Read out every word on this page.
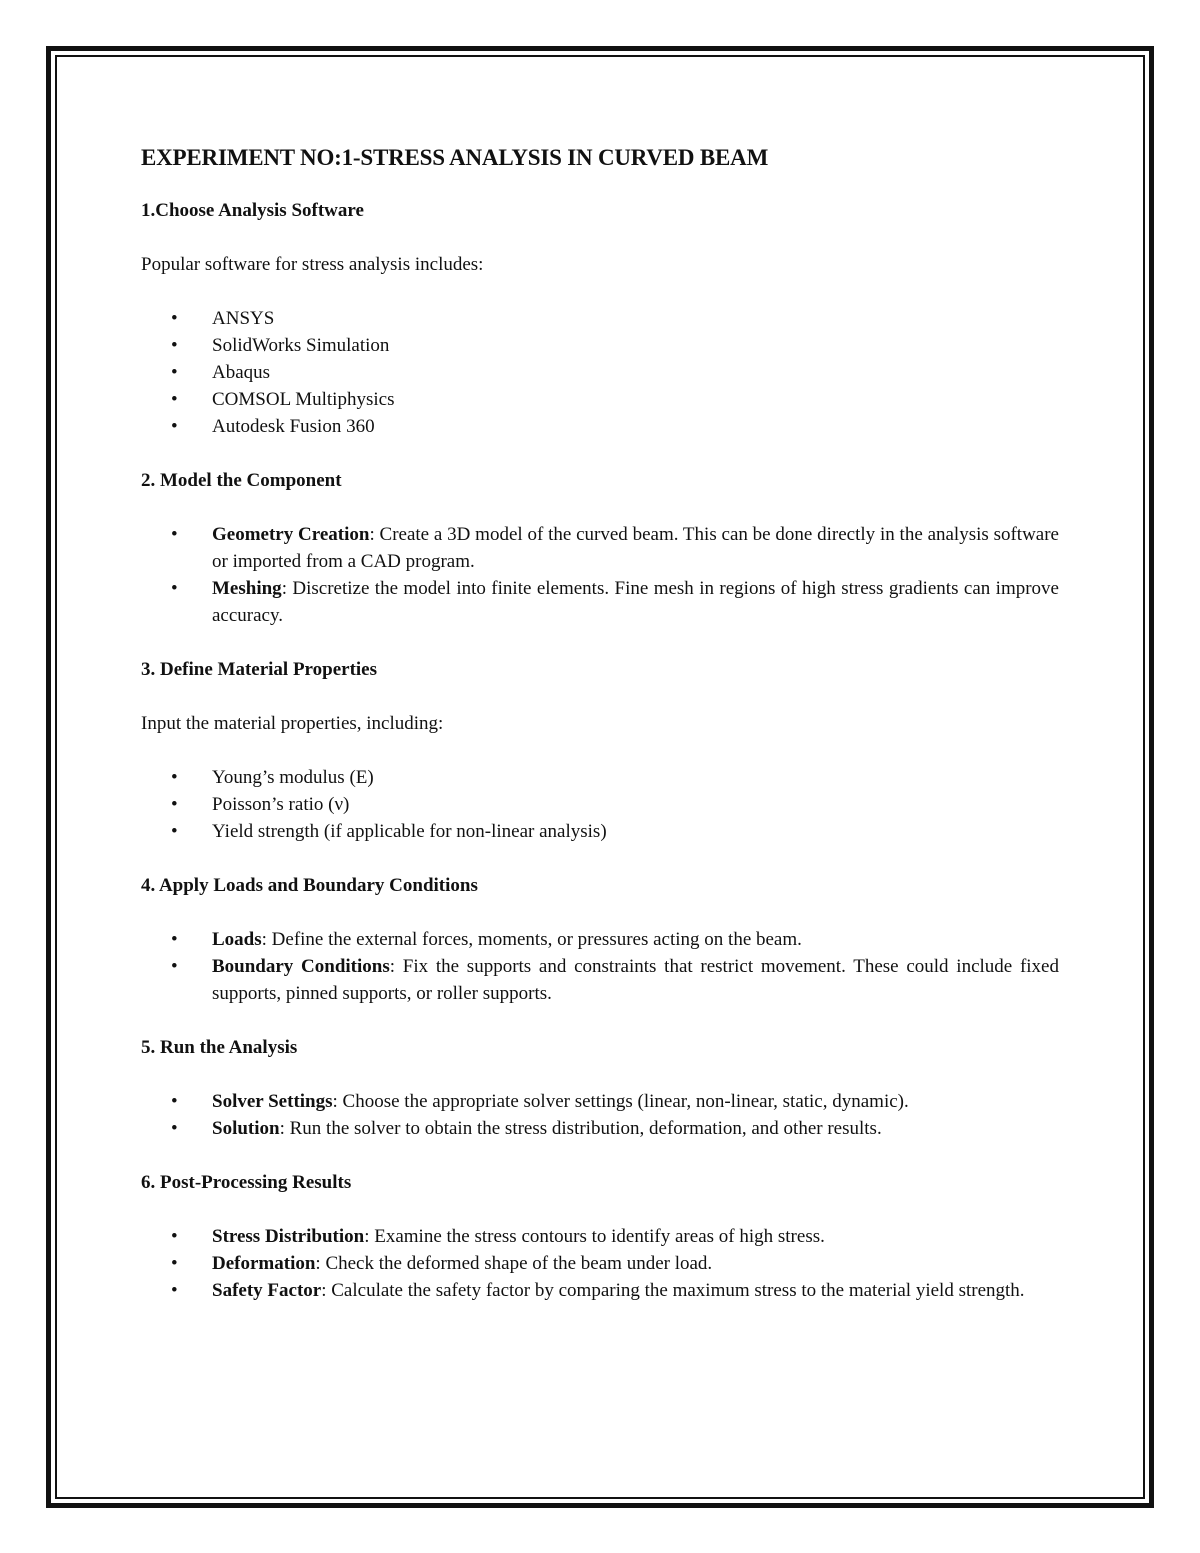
EXPERIMENT NO:1-STRESS ANALYSIS IN CURVED BEAM
1.Choose Analysis Software
Popular software for stress analysis includes:
• ANSYS
• SolidWorks Simulation
• Abaqus
• COMSOL Multiphysics
• Autodesk Fusion 360
2. Model the Component
• Geometry Creation: Create a 3D model of the curved beam. This can be done directly in the analysis software or imported from a CAD program.
• Meshing: Discretize the model into finite elements. Fine mesh in regions of high stress gradients can improve accuracy.
3. Define Material Properties
Input the material properties, including:
• Young’s modulus (E)
• Poisson’s ratio (ν)
• Yield strength (if applicable for non-linear analysis)
4. Apply Loads and Boundary Conditions
• Loads: Define the external forces, moments, or pressures acting on the beam.
• Boundary Conditions: Fix the supports and constraints that restrict movement. These could include fixed supports, pinned supports, or roller supports.
5. Run the Analysis
• Solver Settings: Choose the appropriate solver settings (linear, non-linear, static, dynamic).
• Solution: Run the solver to obtain the stress distribution, deformation, and other results.
6. Post-Processing Results
• Stress Distribution: Examine the stress contours to identify areas of high stress.
• Deformation: Check the deformed shape of the beam under load.
• Safety Factor: Calculate the safety factor by comparing the maximum stress to the material yield strength.
